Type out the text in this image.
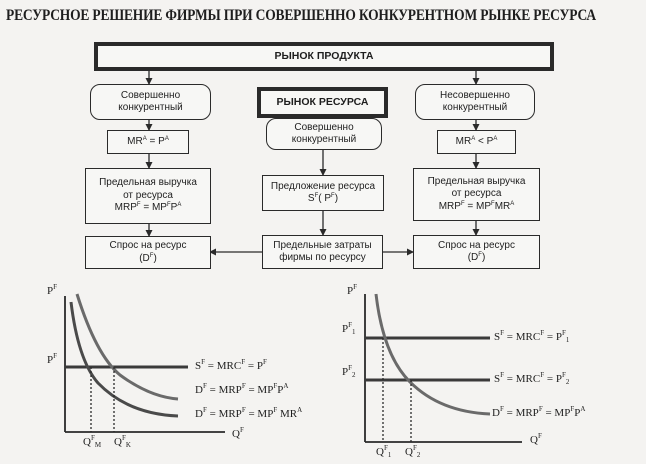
РЕСУРСНОЕ РЕШЕНИЕ ФИРМЫ ПРИ СОВЕРШЕННО КОНКУРЕНТНОМ РЫНКЕ РЕСУРСА
РЫНОК ПРОДУКТА
Совершенно
конкурентный	РЫНОК РЕСУРСА
Совершенно
конкурентный
Несовершенно
конкурентный
$MR^A = P^A$	$MR^A < P^A$
Предельная выручка
от ресурса
$MRP^F = MP^FP^A$
Предложение ресурса
$S^F$( $P^F$)
Предельная выручка
от ресурса
$MRP^F = MP^FMR^A$
Спрос на ресурс
$(D^F)$
Предельные затраты
фирмы по ресурсу
Спрос на ресурс
$(D^F)$
$P^F$
$P^F$
$Q^F$
$Q^F_M$ $Q^F_K$
$S^F = MRC^F = P^F$
$D^F = MRP^F = MP^FP^A$
$D^F = MRP^F = MP^F$ $MR^A$
$P^F$
$P^F_1$
$P^F_2$
$Q^F$
$Q^F_1$ $Q^F_2$
$S^F = MRC^F = P^F_1$
$S^F = MRC^F = P^F_2$
$D^F = MRP^F = MP^FP^A$
